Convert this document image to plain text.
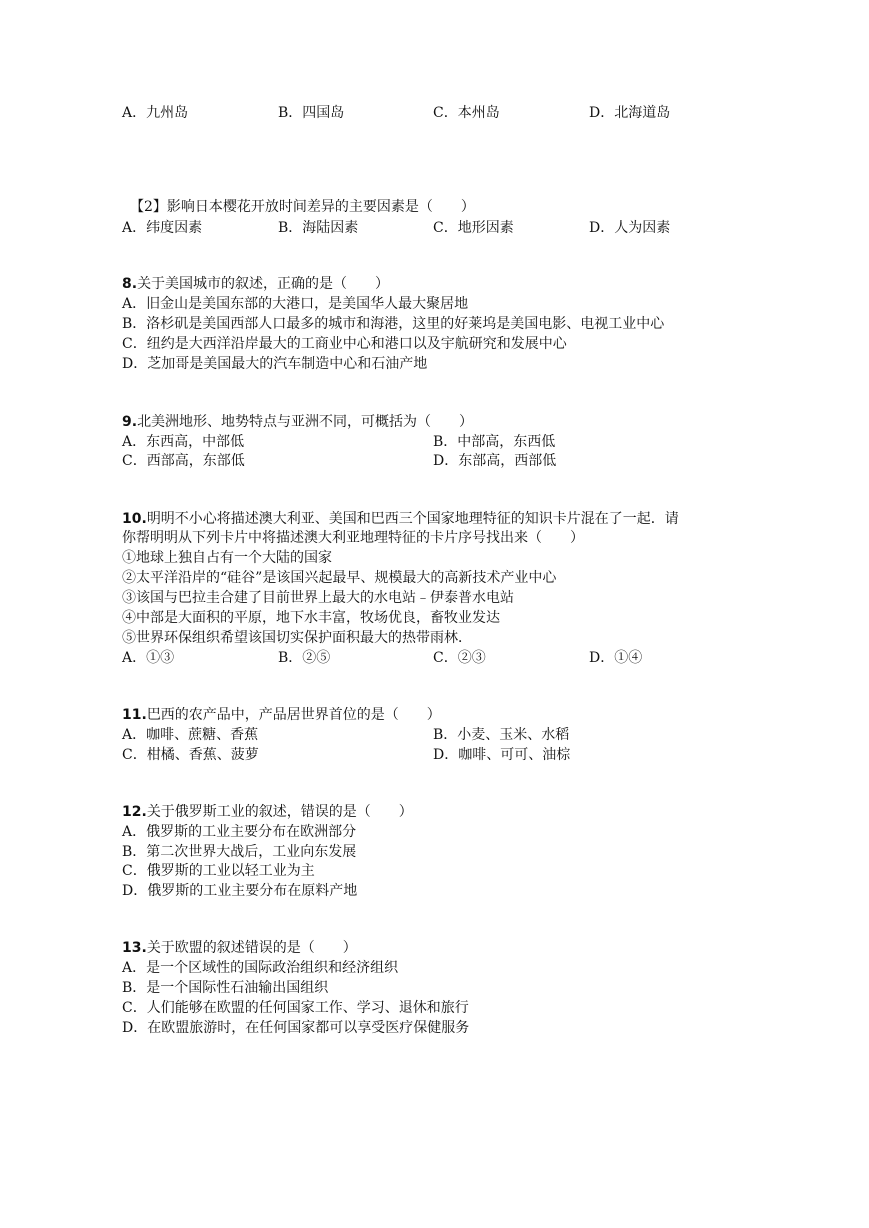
A．九州岛	B．四国岛	C．本州岛	D．北海道岛
【2】影响日本樱花开放时间差异的主要因素是（　　）
A．纬度因素	B．海陆因素	C．地形因素	D．人为因素
8.关于美国城市的叙述，正确的是（　　）
A．旧金山是美国东部的大港口，是美国华人最大聚居地
B．洛杉矶是美国西部人口最多的城市和海港，这里的好莱坞是美国电影、电视工业中心
C．纽约是大西洋沿岸最大的工商业中心和港口以及宇航研究和发展中心
D．芝加哥是美国最大的汽车制造中心和石油产地
9.北美洲地形、地势特点与亚洲不同，可概括为（　　）
A．东西高，中部低	B．中部高，东西低
C．西部高，东部低	D．东部高，西部低
10.明明不小心将描述澳大利亚、美国和巴西三个国家地理特征的知识卡片混在了一起．请
你帮明明从下列卡片中将描述澳大利亚地理特征的卡片序号找出来（　　）
①地球上独自占有一个大陆的国家
②太平洋沿岸的“硅谷”是该国兴起最早、规模最大的高新技术产业中心
③该国与巴拉圭合建了目前世界上最大的水电站﹣伊泰普水电站
④中部是大面积的平原，地下水丰富，牧场优良，畜牧业发达
⑤世界环保组织希望该国切实保护面积最大的热带雨林．
A．①③	B．②⑤	C．②③	D．①④
11.巴西的农产品中，产品居世界首位的是（　　）
A．咖啡、蔗糖、香蕉	B．小麦、玉米、水稻
C．柑橘、香蕉、菠萝	D．咖啡、可可、油棕
12.关于俄罗斯工业的叙述，错误的是（　　）
A．俄罗斯的工业主要分布在欧洲部分
B．第二次世界大战后，工业向东发展
C．俄罗斯的工业以轻工业为主
D．俄罗斯的工业主要分布在原料产地
13.关于欧盟的叙述错误的是（　　）
A．是一个区域性的国际政治组织和经济组织
B．是一个国际性石油输出国组织
C．人们能够在欧盟的任何国家工作、学习、退休和旅行
D．在欧盟旅游时，在任何国家都可以享受医疗保健服务
